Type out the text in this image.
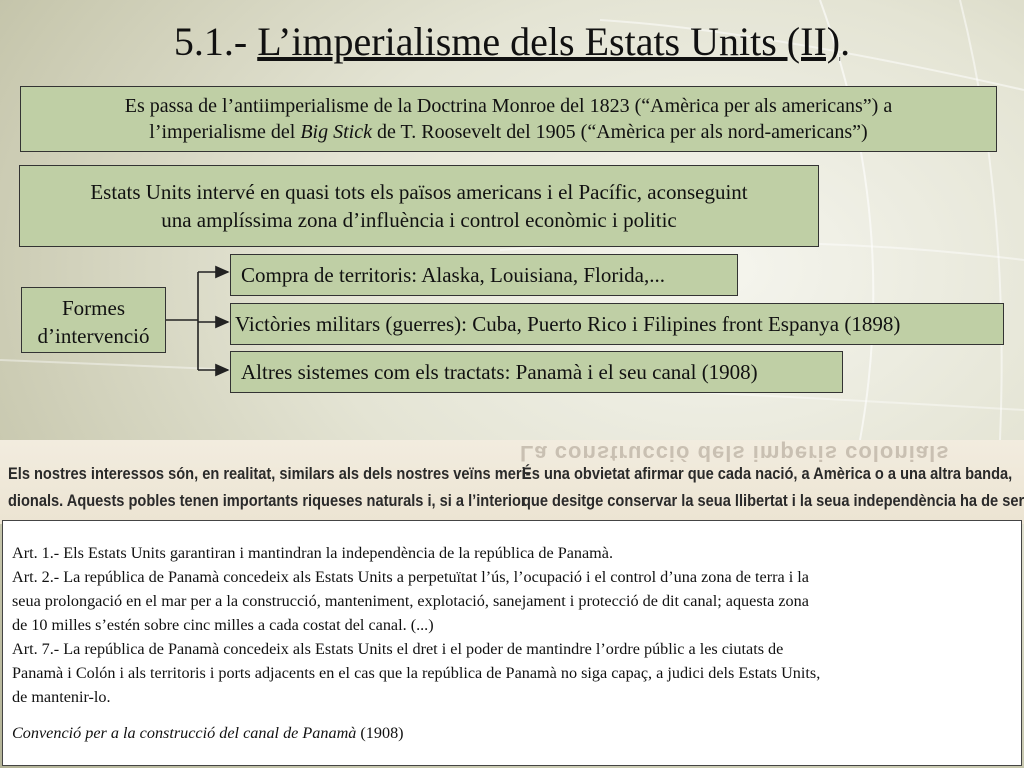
5.1.- L’imperialisme dels Estats Units (II).
Es passa de l’antiimperialisme de la Doctrina Monroe del 1823 (“Amèrica per als americans”) a
l’imperialisme del Big Stick de T. Roosevelt del 1905 (“Amèrica per als nord-americans”)
Estats Units intervé en quasi tots els països americans i el Pacífic, aconseguint
una amplíssima zona d’influència i control econòmic i politic
Formes
d’intervenció
Compra de territoris: Alaska, Louisiana, Florida,...
Victòries militars (guerres): Cuba, Puerto Rico i Filipines front Espanya (1898)
Altres sistemes com els tractats: Panamà i el seu canal (1908)
La construcció dels imperis colonials
Els nostres interessos són, en realitat, similars als dels nostres veïns meri-
dionals. Aquests pobles tenen importants riqueses naturals i, si a l’interior
És una obvietat afirmar que cada nació, a Amèrica o a una altra banda,
que desitge conservar la seua llibertat i la seua independència ha de ser

Art. 1.- Els Estats Units garantiran i mantindran la independència de la república de Panamà.

Art. 2.- La república de Panamà concedeix als Estats Units a perpetuïtat l’ús, l’ocupació i el control d’una zona de terra i la

seua prolongació en el mar per a la construcció, manteniment, explotació, sanejament i protecció de dit canal; aquesta zona

de 10 milles s’estén sobre cinc milles a cada costat del canal. (...)

Art. 7.- La república de Panamà concedeix als Estats Units el dret i el poder de mantindre l’ordre públic a les ciutats de

Panamà i Colón i als territoris i ports adjacents en el cas que la república de Panamà no siga capaç, a judici dels Estats Units,

de mantenir-lo.

Convenció per a la construcció del canal de Panamà (1908)
